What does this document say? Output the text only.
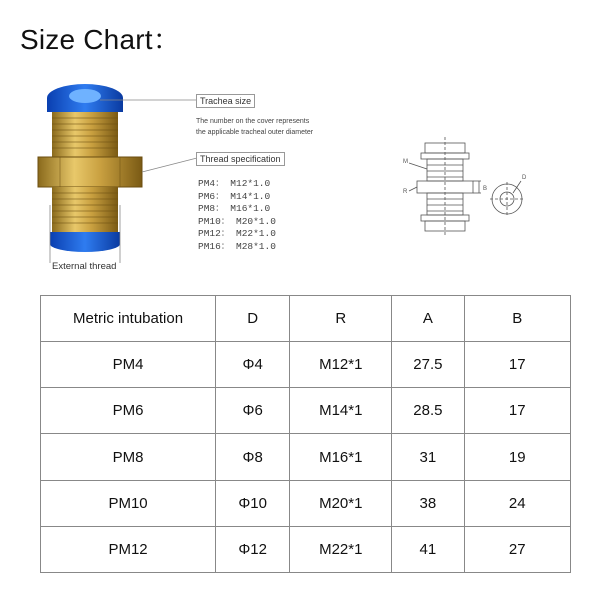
Size Chart：
Trachea size
The number on the cover represents
the applicable tracheal outer diameter
Thread specification
PM4： M12*1.0
PM6： M14*1.0
PM8： M16*1.0
PM10： M20*1.0
PM12： M22*1.0
PM16： M28*1.0
External thread
M
R	B
D
Metric intubation	D	R	A	B
PM4	Φ4	M12*1	27.5	17
PM6	Φ6	M14*1	28.5	17
PM8	Φ8	M16*1	31	19
PM10	Φ10	M20*1	38	24
PM12	Φ12	M22*1	41	27
